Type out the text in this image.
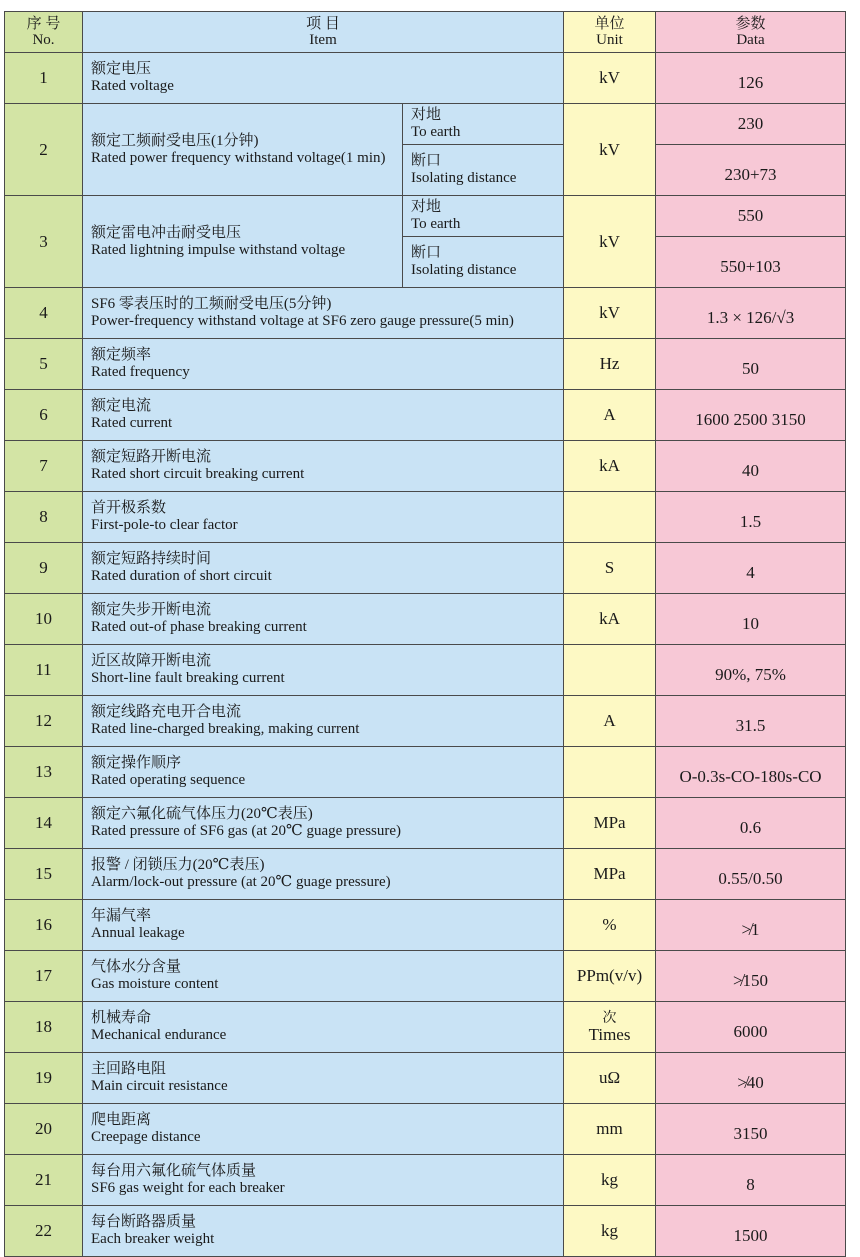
序 号
No.	项 目
Item		单位
Unit	参数
Data

1	额定电压
Rated voltage		kV	126
2	额定工频耐受电压(1分钟)
Rated power frequency withstand voltage(1 min)	对地
To earth	kV	230

		断口
Isolating distance		230+73
3	额定雷电冲击耐受电压
Rated lightning impulse withstand voltage	对地
To earth	kV	550

		断口
Isolating distance		550+103
4	SF6 零表压时的工频耐受电压(5分钟)
Power-frequency withstand voltage at SF6 zero gauge pressure(5 min)		kV	1.3 × 126/√3
5	额定频率
Rated frequency		Hz	50
6	额定电流
Rated current		A	1600 2500 3150
7	额定短路开断电流
Rated short circuit breaking current		kA	40
8	首开极系数
First-pole-to clear factor			1.5
9	额定短路持续时间
Rated duration of short circuit		S	4
10	额定失步开断电流
Rated out-of phase breaking current		kA	10
11	近区故障开断电流
Short-line fault breaking current			90%, 75%
12	额定线路充电开合电流
Rated line-charged breaking, making current		A	31.5
13	额定操作顺序
Rated operating sequence			O-0.3s-CO-180s-CO
14	额定六氟化硫气体压力(20℃表压)
Rated pressure of SF6 gas (at 20℃ guage pressure)		MPa	0.6
15	报警 / 闭锁压力(20℃表压)
Alarm/lock-out pressure (at 20℃ guage pressure)		MPa	0.55/0.50
16	年漏气率
Annual leakage		%	≯1
17	气体水分含量
Gas moisture content		PPm(v/v)	≯150
18	机械寿命
Mechanical endurance		次
Times	6000
19	主回路电阻
Main circuit resistance		uΩ	≯40
20	爬电距离
Creepage distance		mm	3150
21	每台用六氟化硫气体质量
SF6 gas weight for each breaker		kg	8
22	每台断路器质量
Each breaker weight		kg	1500
